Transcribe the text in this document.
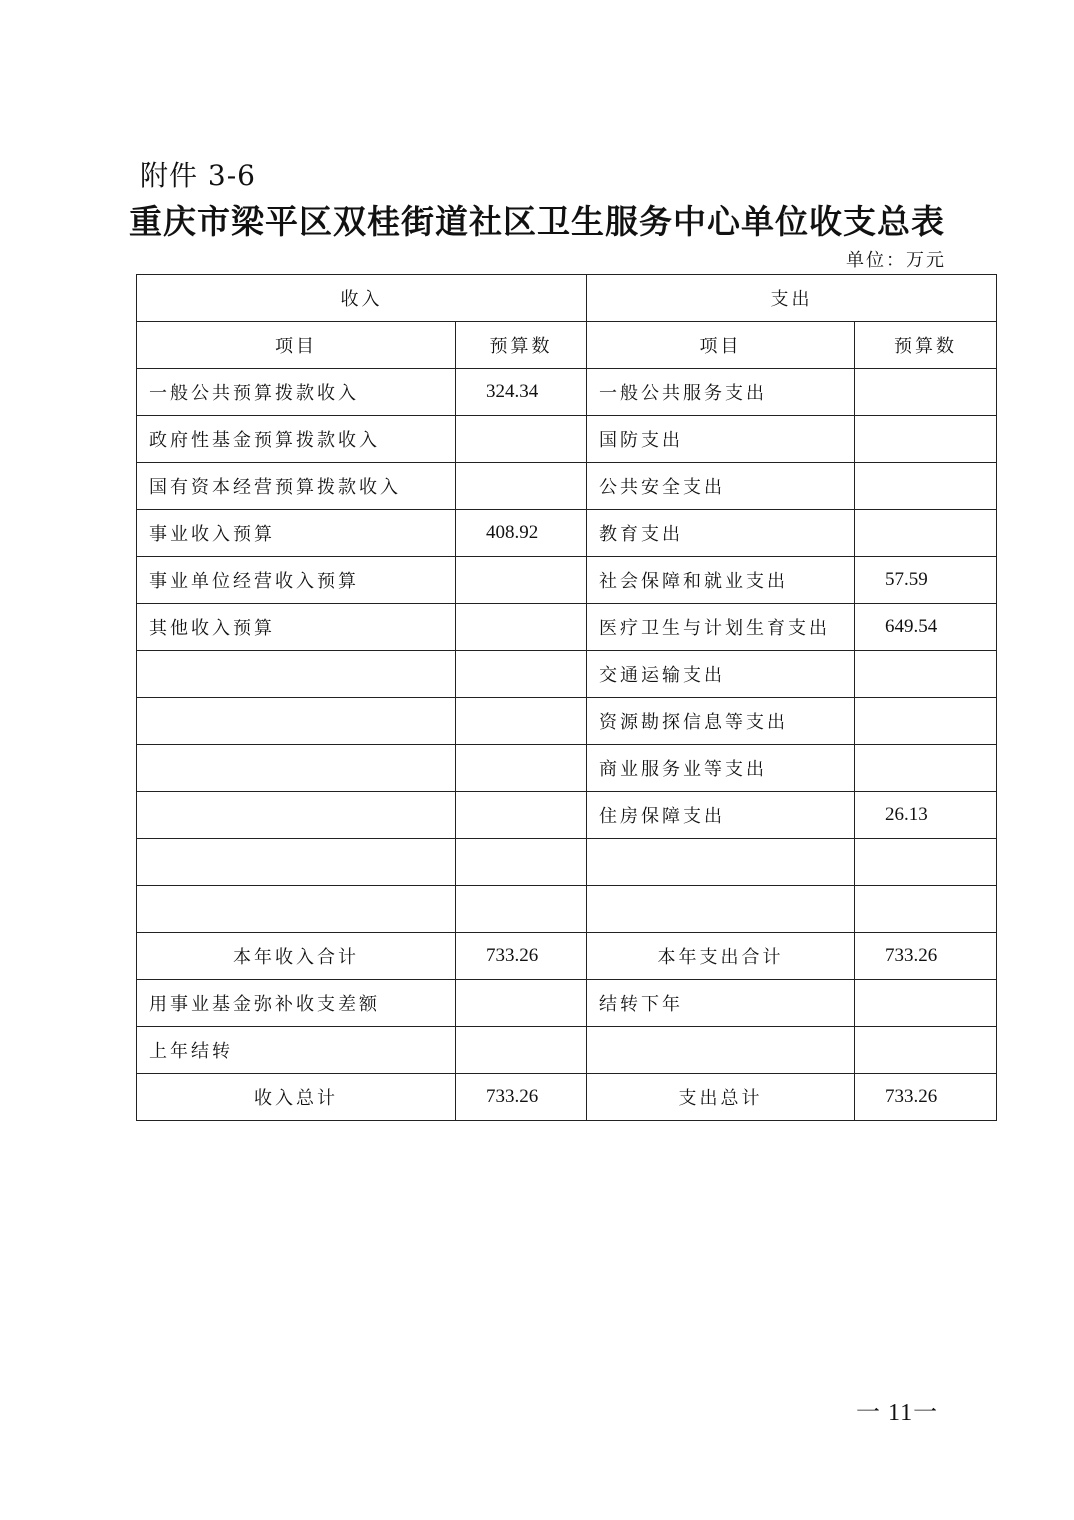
附件 3-6
重庆市梁平区双桂街道社区卫生服务中心单位收支总表
单位：万元
收入		支出	
项目	预算数	项目	预算数
一般公共预算拨款收入	324.34	一般公共服务支出	
政府性基金预算拨款收入		国防支出	
国有资本经营预算拨款收入		公共安全支出	
事业收入预算	408.92	教育支出	
事业单位经营收入预算		社会保障和就业支出	57.59
其他收入预算		医疗卫生与计划生育支出	649.54
		交通运输支出	
		资源勘探信息等支出	
		商业服务业等支出	
		住房保障支出	26.13

本年收入合计	733.26	本年支出合计	733.26
用事业基金弥补收支差额		结转下年	
上年结转			
收入总计	733.26	支出总计	733.26
一 11一
